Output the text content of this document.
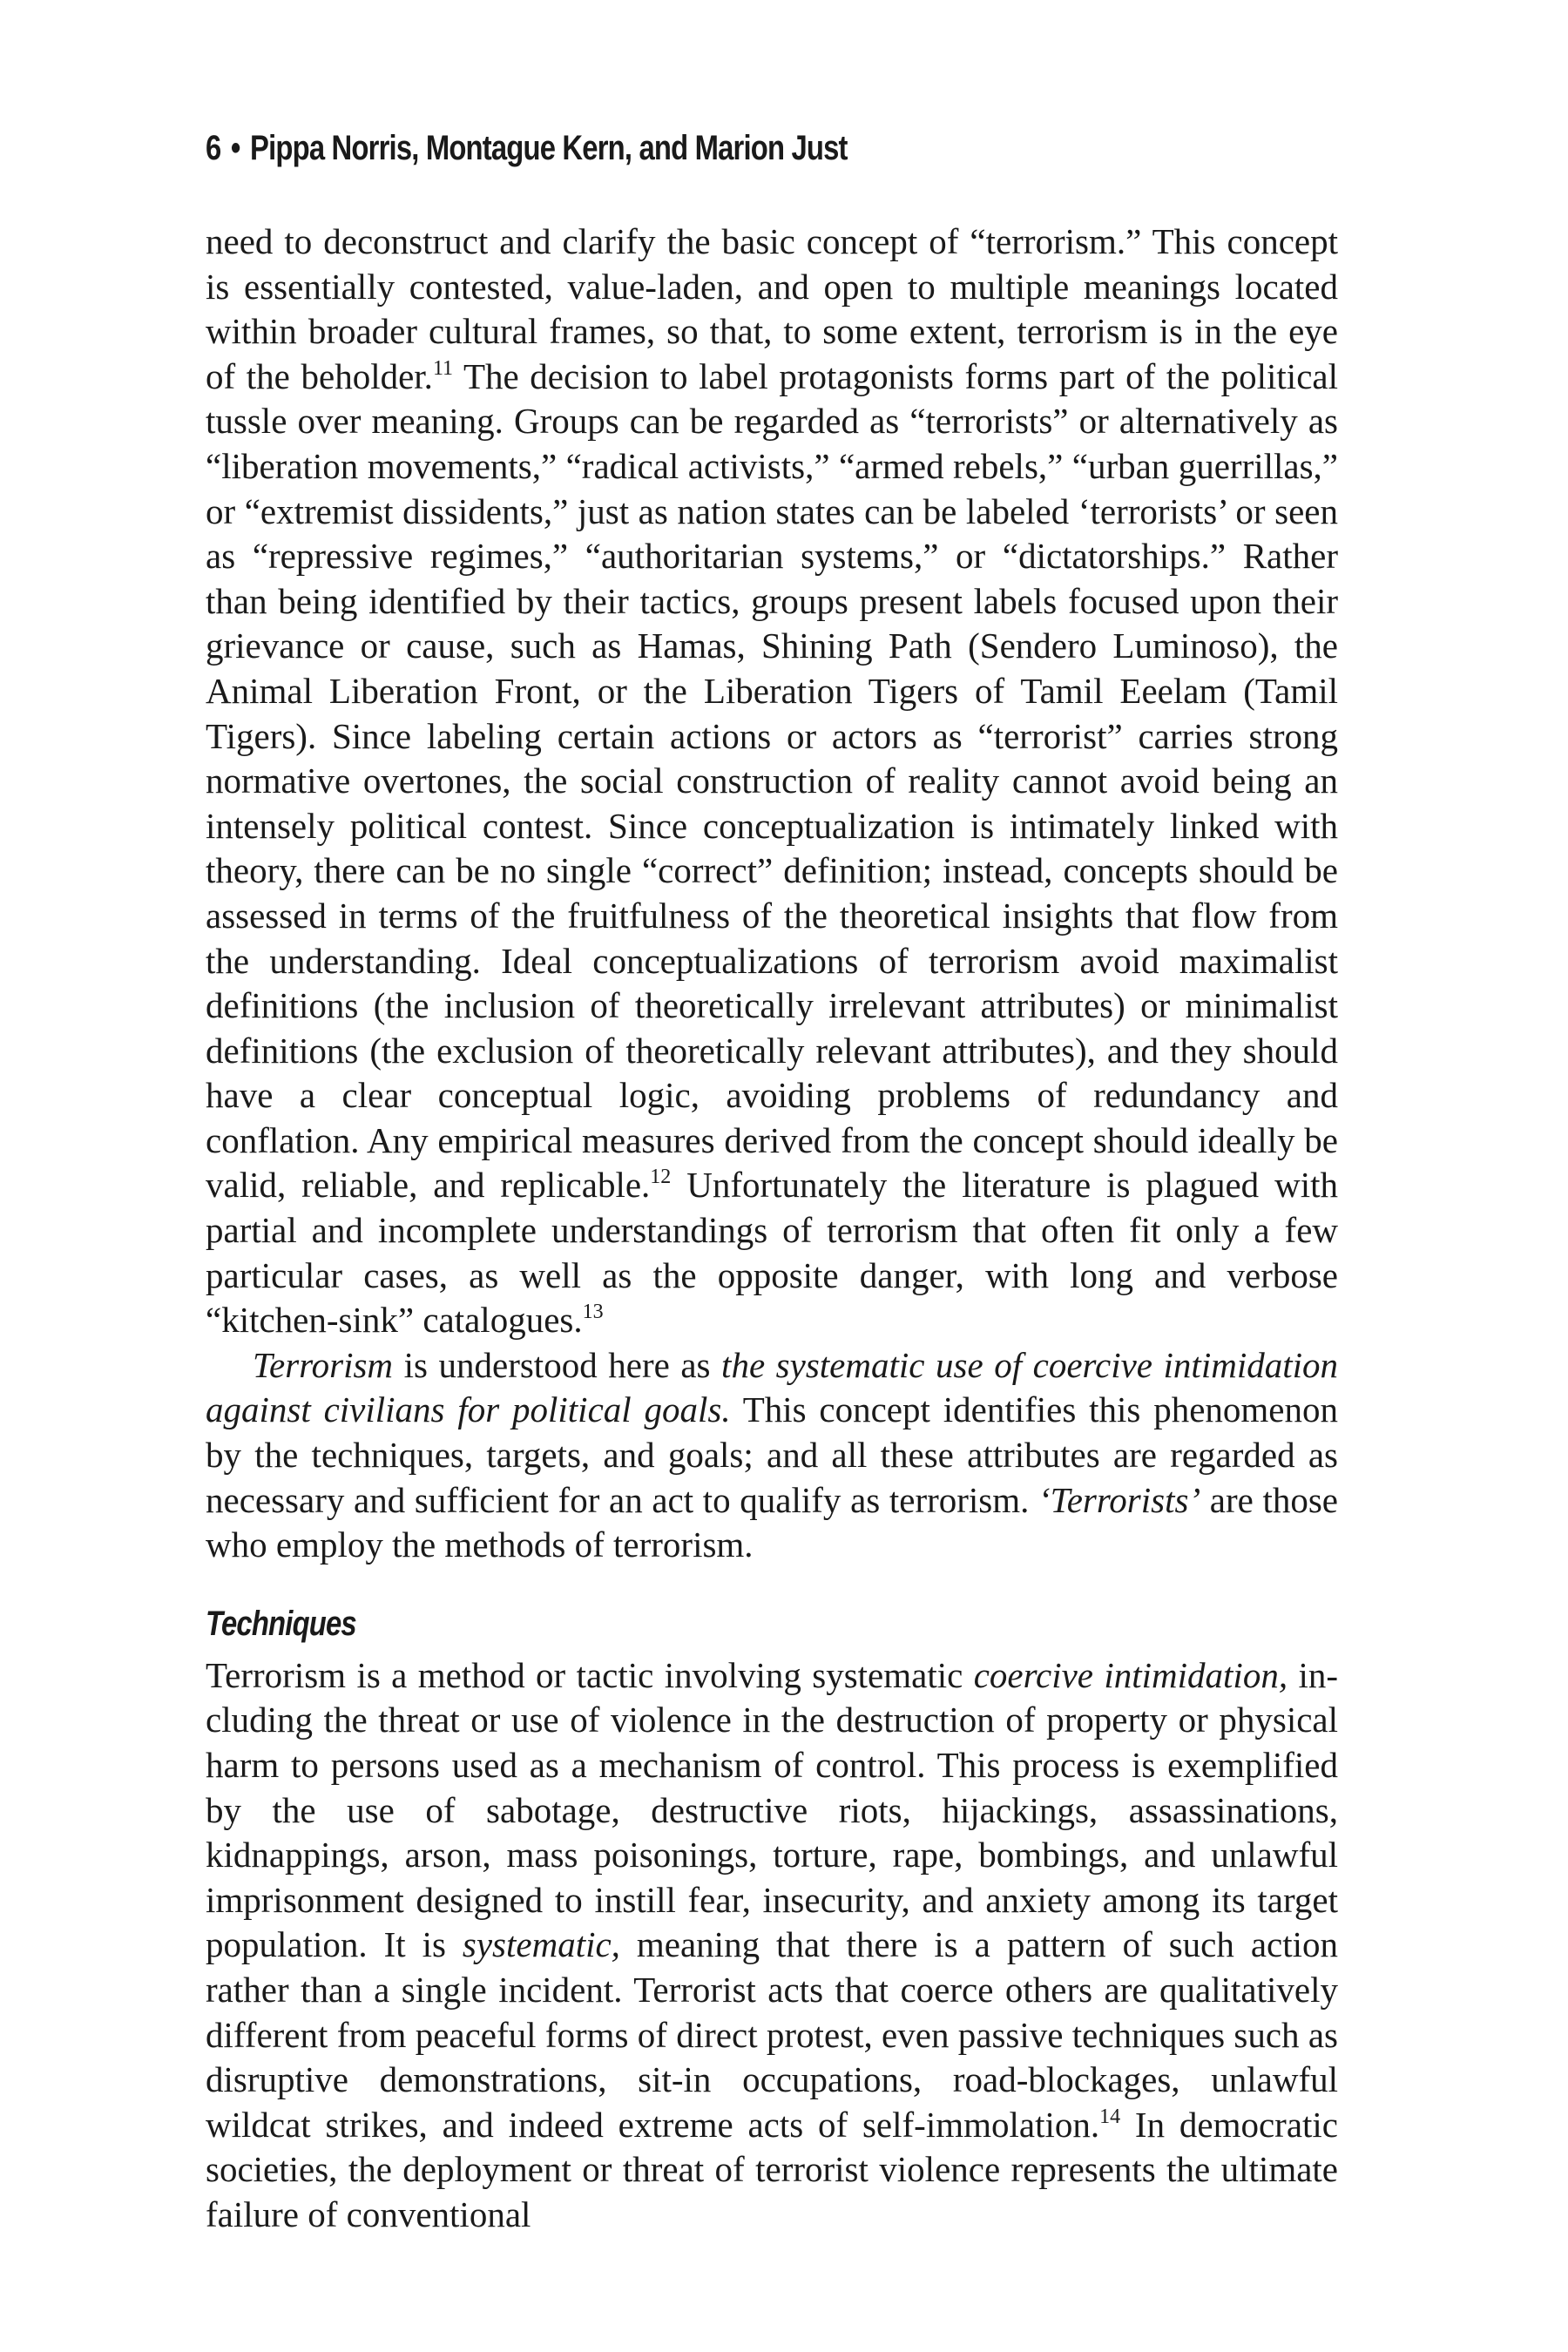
6 • Pippa Norris, Montague Kern, and Marion Just

need to deconstruct and clarify the basic concept of “terrorism.” This concept is essentially contested, value-laden, and open to multiple meanings located within broader cultural frames, so that, to some extent, terrorism is in the eye of the beholder.$^{11}$ The decision to label protagonists forms part of the political tussle over meaning. Groups can be regarded as “terrorists” or alternatively as “liberation movements,” “radical activists,” “armed rebels,” “urban guerrillas,” or “extremist dissidents,” just as nation states can be labeled ‘terrorists’ or seen as “repressive regimes,” “authoritarian systems,” or “dictatorships.” Rather than being identified by their tactics, groups present labels focused upon their grievance or cause, such as Hamas, Shining Path (Sendero Luminoso), the Animal Liberation Front, or the Liberation Tigers of Tamil Eeelam (Tamil Tigers). Since labeling certain actions or actors as “terrorist” carries strong normative overtones, the social construction of reality cannot avoid being an intensely political contest. Since conceptualization is intimately linked with theory, there can be no single “correct” definition; instead, concepts should be assessed in terms of the fruitfulness of the theoretical insights that flow from the understanding. Ideal conceptualizations of terrorism avoid maximalist definitions (the inclusion of theoretically irrelevant attributes) or minimalist definitions (the exclusion of theoretically relevant attributes), and they should have a clear conceptual logic, avoiding problems of redundancy and conflation. Any empirical measures derived from the concept should ideally be valid, reliable, and replicable.$^{12}$ Unfortunately the literature is plagued with partial and incomplete understandings of terrorism that often fit only a few particular cases, as well as the opposite danger, with long and verbose “kitchen-sink” catalogues.$^{13}$

Terrorism is understood here as the systematic use of coercive intimidation against civilians for political goals. This concept identifies this phenomenon by the techniques, targets, and goals; and all these attributes are regarded as necessary and sufficient for an act to qualify as terrorism. ‘Terrorists’ are those who employ the methods of terrorism.

Techniques

Terrorism is a method or tactic involving systematic coercive intimidation, including the threat or use of violence in the destruction of property or physical harm to persons used as a mechanism of control. This process is exemplified by the use of sabotage, destructive riots, hijackings, assassinations, kidnappings, arson, mass poisonings, torture, rape, bombings, and unlawful imprisonment designed to instill fear, insecurity, and anxiety among its target population. It is systematic, meaning that there is a pattern of such action rather than a single incident. Terrorist acts that coerce others are qualitatively different from peaceful forms of direct protest, even passive techniques such as disruptive demonstrations, sit-in occupations, road-blockages, unlawful wildcat strikes, and indeed extreme acts of self-immolation.$^{14}$ In democratic societies, the deployment or threat of terrorist violence represents the ultimate failure of conventional
